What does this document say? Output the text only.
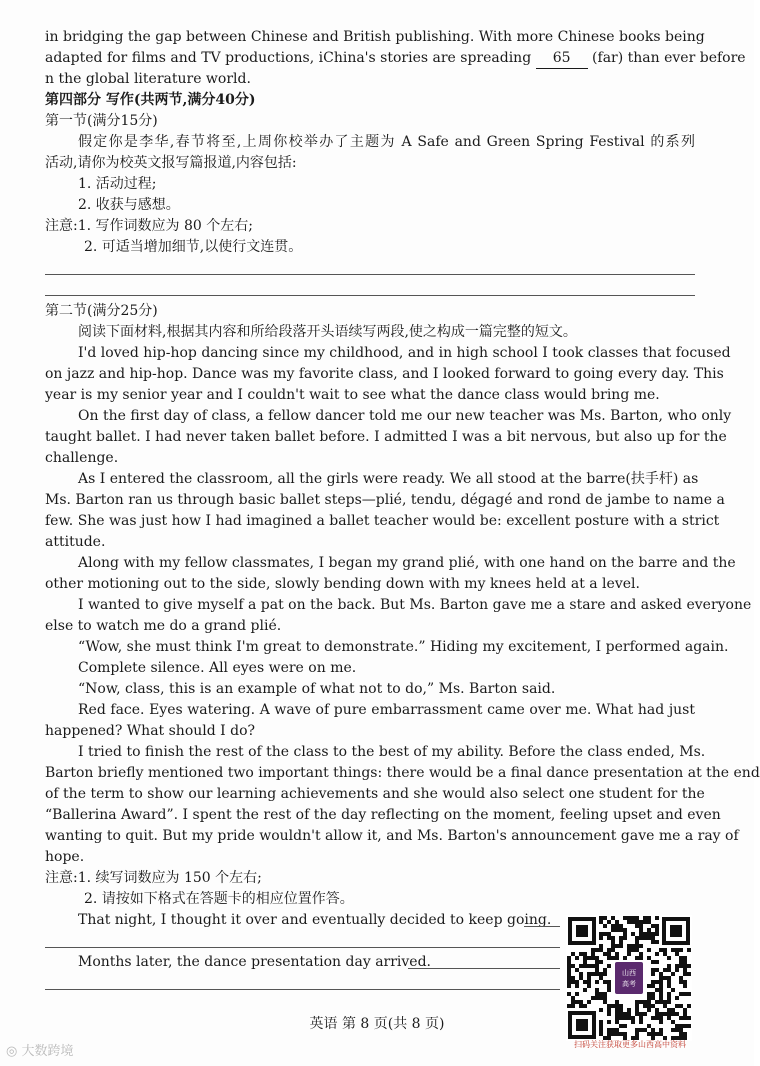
in bridging the gap between Chinese and British publishing. With more Chinese books being
adapted for films and TV productions, iChina's stories are spreading 65 (far) than ever before
n the global literature world.
第四部分 写作(共两节,满分40分)
第一节(满分15分)
假定你是李华,春节将至,上周你校举办了主题为 A Safe and Green Spring Festival 的系列
活动,请你为校英文报写篇报道,内容包括:
1. 活动过程;
2. 收获与感想。
注意:1. 写作词数应为 80 个左右;
2. 可适当增加细节,以使行文连贯。
第二节(满分25分)
阅读下面材料,根据其内容和所给段落开头语续写两段,使之构成一篇完整的短文。
I'd loved hip-hop dancing since my childhood, and in high school I took classes that focused
on jazz and hip-hop. Dance was my favorite class, and I looked forward to going every day. This
year is my senior year and I couldn't wait to see what the dance class would bring me.
On the first day of class, a fellow dancer told me our new teacher was Ms. Barton, who only
taught ballet. I had never taken ballet before. I admitted I was a bit nervous, but also up for the
challenge.
As I entered the classroom, all the girls were ready. We all stood at the barre(扶手杆) as
Ms. Barton ran us through basic ballet steps—plié, tendu, dégagé and rond de jambe to name a
few. She was just how I had imagined a ballet teacher would be: excellent posture with a strict
attitude.
Along with my fellow classmates, I began my grand plié, with one hand on the barre and the
other motioning out to the side, slowly bending down with my knees held at a level.
I wanted to give myself a pat on the back. But Ms. Barton gave me a stare and asked everyone
else to watch me do a grand plié.
“Wow, she must think I'm great to demonstrate.” Hiding my excitement, I performed again.
Complete silence. All eyes were on me.
“Now, class, this is an example of what not to do,” Ms. Barton said.
Red face. Eyes watering. A wave of pure embarrassment came over me. What had just
happened? What should I do?
I tried to finish the rest of the class to the best of my ability. Before the class ended, Ms.
Barton briefly mentioned two important things: there would be a final dance presentation at the end
of the term to show our learning achievements and she would also select one student for the
“Ballerina Award”. I spent the rest of the day reflecting on the moment, feeling upset and even
wanting to quit. But my pride wouldn't allow it, and Ms. Barton's announcement gave me a ray of
hope.
注意:1. 续写词数应为 150 个左右;
2. 请按如下格式在答题卡的相应位置作答。
That night, I thought it over and eventually decided to keep going.
Months later, the dance presentation day arrived.
英语 第 8 页(共 8 页)
山西
高考
扫码关注获取更多山西高中资料
◎ 大数跨境
